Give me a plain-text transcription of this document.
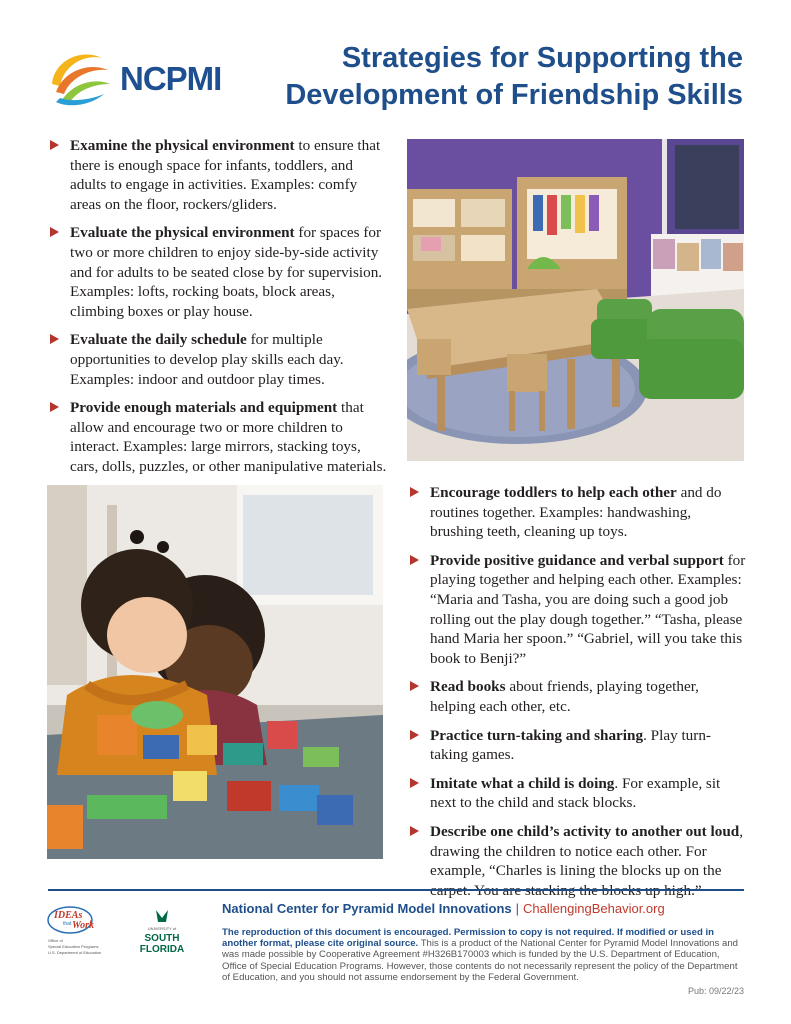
NCPMI
Strategies for Supporting the
Development of Friendship Skills
Examine the physical environment to ensure that there is enough space for infants, toddlers, and adults to engage in activities. Examples: comfy areas on the floor, rockers/gliders.
Evaluate the physical environment for spaces for two or more children to enjoy side-by-side activity and for adults to be seated close by for supervision. Examples: lofts, rocking boats, block areas, climbing boxes or play house.
Evaluate the daily schedule for multiple opportunities to develop play skills each day. Examples: indoor and outdoor play times.
Provide enough materials and equipment that allow and encourage two or more children to interact. Examples: large mirrors, stacking toys, cars, dolls, puzzles, or other manipulative materials.
Encourage toddlers to help each other and do routines together. Examples: handwashing, brushing teeth, cleaning up toys.
Provide positive guidance and verbal support for playing together and helping each other. Examples: “Maria and Tasha, you are doing such a good job rolling out the play dough together.” “Tasha, please hand Maria her spoon.” “Gabriel, will you take this book to Benji?”
Read books about friends, playing together, helping each other, etc.
Practice turn-taking and sharing. Play turn-taking games.
Imitate what a child is doing. For example, sit next to the child and stack blocks.
Describe one child’s activity to another out loud, drawing the children to notice each other. For example, “Charles is lining the blocks up on the
IDEAs
that Work
Office of
Special Education Programs
U.S. Department of Education
UNIVERSITY of
SOUTH
FLORIDA
National Center for Pyramid Model Innovations | ChallengingBehavior.org
The reproduction of this document is encouraged. Permission to copy is not required. If modified or used in another format, please cite original source. This is a product of the National Center for Pyramid Model Innovations and was made possible by Cooperative Agreement #H326B170003 which is funded by the U.S. Department of Education, Office of Special Education Programs. However, those contents do not necessarily represent the policy of the Department of Education, and you should not assume endorsement by the Federal Government.
Pub: 09/22/23
